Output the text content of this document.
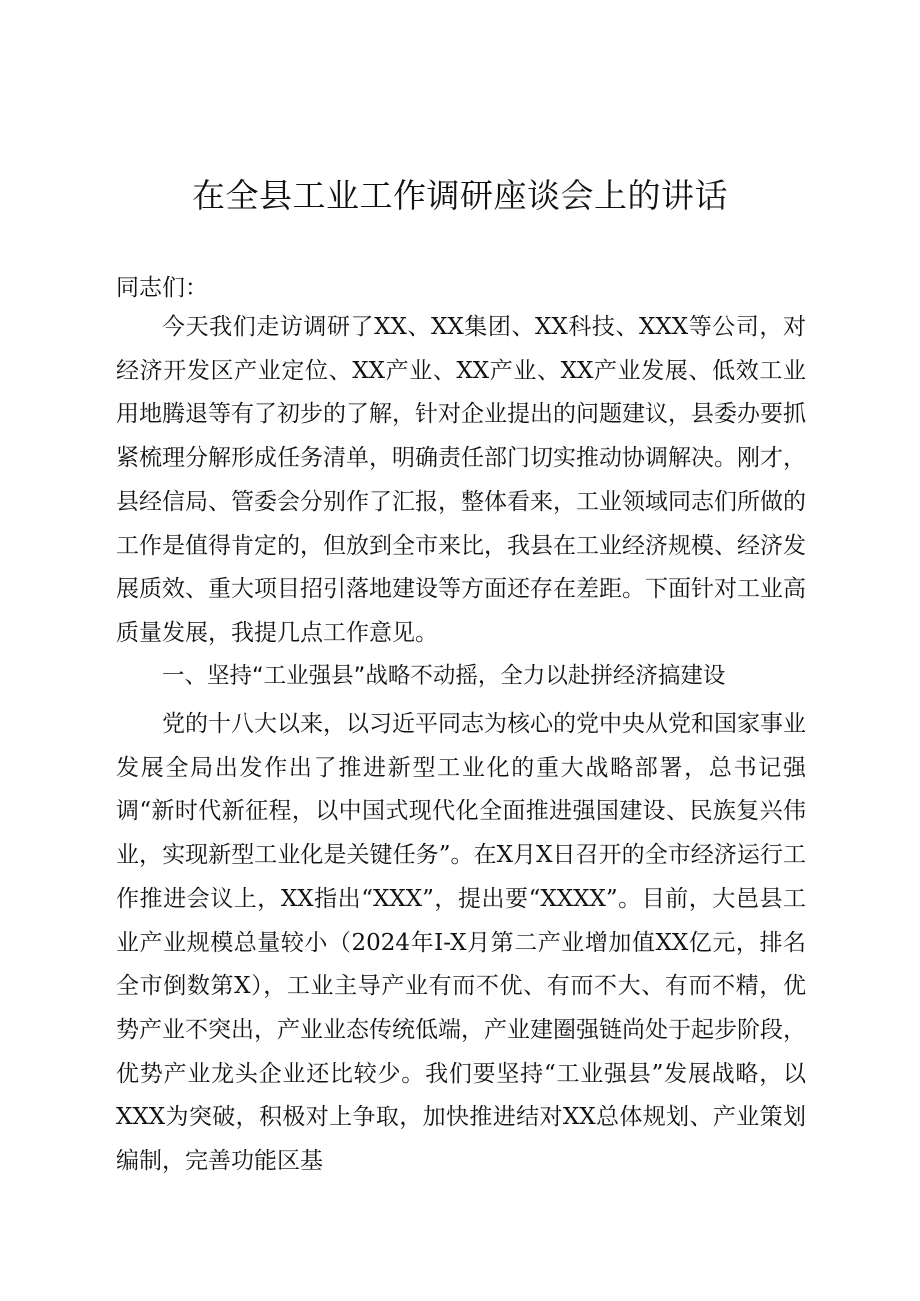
在全县工业工作调研座谈会上的讲话
同志们：

今天我们走访调研了XX、XX集团、XX科技、XXX等公司，对经济开发区产业定位、XX产业、XX产业、XX产业发展、低效工业用地腾退等有了初步的了解，针对企业提出的问题建议，县委办要抓紧梳理分解形成任务清单，明确责任部门切实推动协调解决。刚才，县经信局、管委会分别作了汇报，整体看来，工业领域同志们所做的工作是值得肯定的，但放到全市来比，我县在工业经济规模、经济发展质效、重大项目招引落地建设等方面还存在差距。下面针对工业高质量发展，我提几点工作意见。

一、坚持“工业强县”战略不动摇，全力以赴拼经济搞建设

党的十八大以来，以习近平同志为核心的党中央从党和国家事业发展全局出发作出了推进新型工业化的重大战略部署，总书记强调“新时代新征程，以中国式现代化全面推进强国建设、民族复兴伟业，实现新型工业化是关键任务”。在X月X日召开的全市经济运行工作推进会议上，XX指出“XXX”，提出要“XXXX”。目前，大邑县工业产业规模总量较小（2024年I-X月第二产业增加值XX亿元，排名全市倒数第X），工业主导产业有而不优、有而不大、有而不精，优势产业不突出，产业业态传统低端，产业建圈强链尚处于起步阶段，优势产业龙头企业还比较少。我们要坚持“工业强县”发展战略，以XXX为突破，积极对上争取，加快推进结对XX总体规划、产业策划编制，完善功能区基
